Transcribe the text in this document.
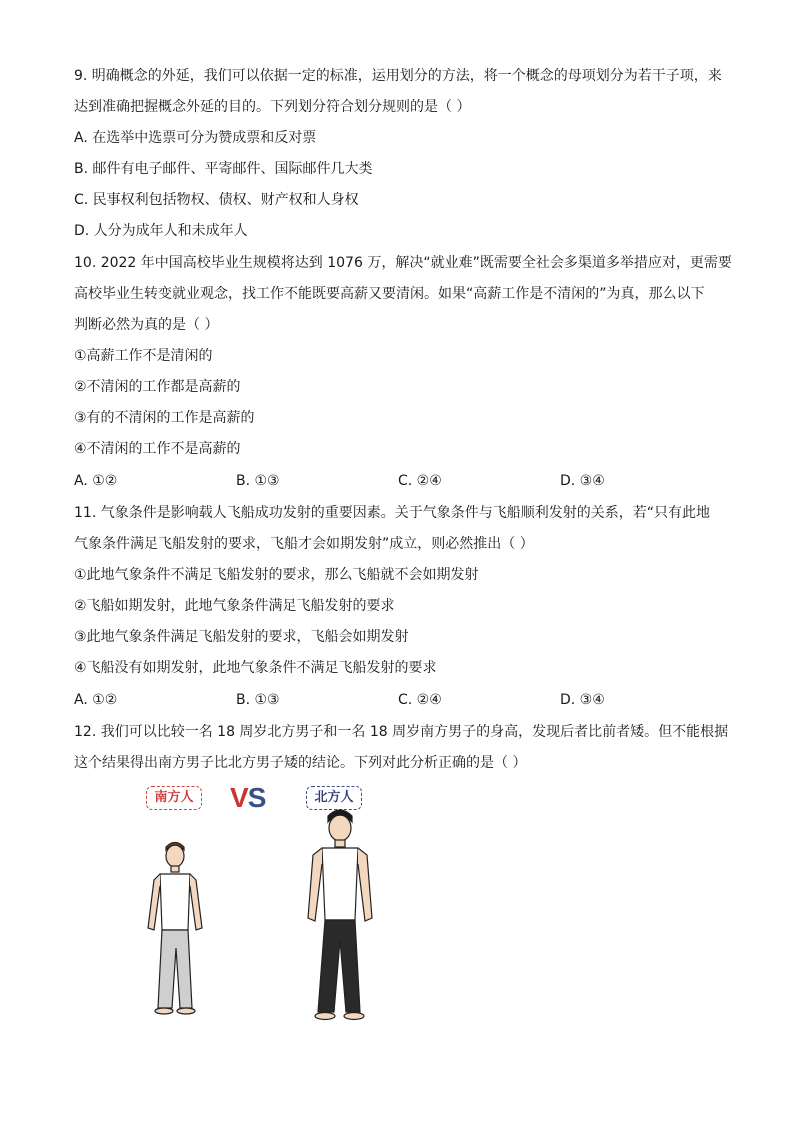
9. 明确概念的外延，我们可以依据一定的标准，运用划分的方法，将一个概念的母项划分为若干子项，来
达到准确把握概念外延的目的。下列划分符合划分规则的是（ ）
A. 在选举中选票可分为赞成票和反对票
B. 邮件有电子邮件、平寄邮件、国际邮件几大类
C. 民事权利包括物权、债权、财产权和人身权
D. 人分为成年人和未成年人
10. 2022 年中国高校毕业生规模将达到 1076 万，解决“就业难”既需要全社会多渠道多举措应对，更需要
高校毕业生转变就业观念，找工作不能既要高薪又要清闲。如果“高薪工作是不清闲的”为真，那么以下
判断必然为真的是（ ）
①高薪工作不是清闲的
②不清闲的工作都是高薪的
③有的不清闲的工作是高薪的
④不清闲的工作不是高薪的
A. ①②	B. ①③	C. ②④	D. ③④
11. 气象条件是影响载人飞船成功发射的重要因素。关于气象条件与飞船顺利发射的关系，若“只有此地
气象条件满足飞船发射的要求，飞船才会如期发射”成立，则必然推出（ ）
①此地气象条件不满足飞船发射的要求，那么飞船就不会如期发射
②飞船如期发射，此地气象条件满足飞船发射的要求
③此地气象条件满足飞船发射的要求，飞船会如期发射
④飞船没有如期发射，此地气象条件不满足飞船发射的要求
A. ①②	B. ①③	C. ②④	D. ③④
12. 我们可以比较一名 18 周岁北方男子和一名 18 周岁南方男子的身高，发现后者比前者矮。但不能根据
这个结果得出南方男子比北方男子矮的结论。下列对此分析正确的是（ ）
南方人	VS	北方人
